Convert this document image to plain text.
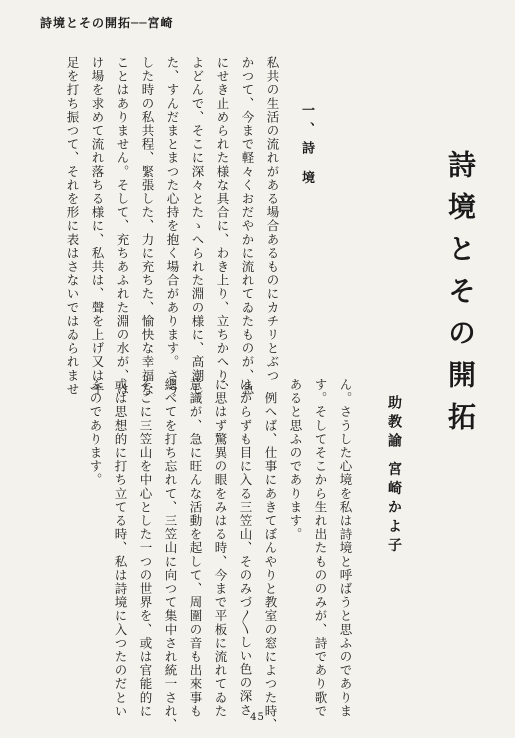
詩境とその開拓──宮崎
詩境とその開拓
助教諭 宮崎かよ子
一、詩 境
私共の生活の流れがある場合あるものにカチリとぶつ
かつて、今まで軽々くおだやかに流れてゐたものが、急
にせき止められた様な具合に、わき上り、立ちかへり、
よどんで、そこに深々とたゝへられた淵の様に、高潮し
た、すんだまとまつた心持を抱く場合があります。さう
した時の私共程、緊張した、力に充ちた、愉快な幸福な
ことはありません。そして、充ちあふれた淵の水が、は
け場を求めて流れ落ちる様に、私共は、聲を上げ又は手
足を打ち振つて、それを形に表はさないではゐられませ
ん。さうした心境を私は詩境と呼ばうと思ふのでありま
す。そしてそこから生れ出たもののみが、詩であり歌で
あると思ふのであります。
　例へば、仕事にあきてぼんやりと教室の窓によつた時、
はからずも目に入る三笠山、そのみづ〳〵しい色の深さ
に思はず驚異の眼をみはる時、今まで平板に流れてゐた
意識が、急に旺んな活動を起して、周圍の音も出來事も
總べてを打ち忘れて、三笠山に向つて集中され統一され、
そこに三笠山を中心とした一つの世界を、或は官能的に
或は思想的に打ち立てる時、私は詩境に入つたのだとい
ふのであります。
45
